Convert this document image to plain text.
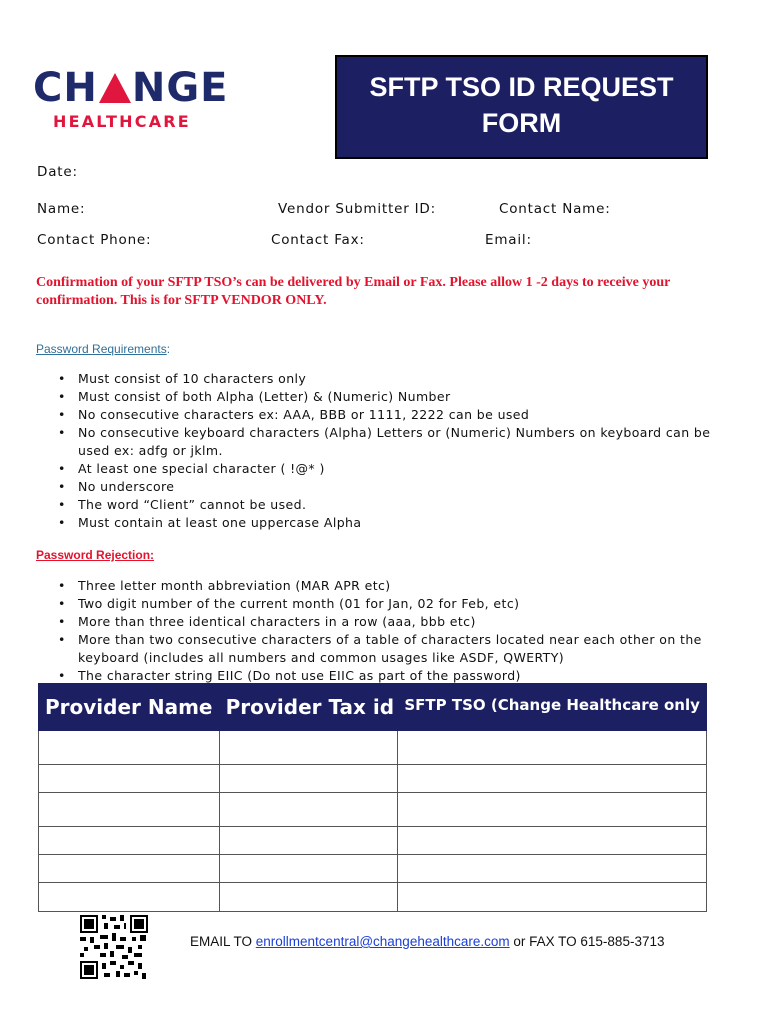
CH NGE
HEALTHCARE
SFTP TSO ID REQUEST
FORM
Date:
Name:	Vendor Submitter ID:	Contact Name:
Contact Phone:	Contact Fax:	Email:
Confirmation of your SFTP TSO’s can be delivered by Email or Fax. Please allow 1 -2 days to receive your confirmation. This is for SFTP VENDOR ONLY.
Password Requirements:
• Must consist of 10 characters only
• Must consist of both Alpha (Letter) & (Numeric) Number
• No consecutive characters ex: AAA, BBB or 1111, 2222 can be used
• No consecutive keyboard characters (Alpha) Letters or (Numeric) Numbers on keyboard can be used ex: adfg or jklm.
• At least one special character ( !@* )
• No underscore
• The word “Client” cannot be used.
• Must contain at least one uppercase Alpha
Password Rejection:
• Three letter month abbreviation (MAR APR etc)
• Two digit number of the current month (01 for Jan, 02 for Feb, etc)
• More than three identical characters in a row (aaa, bbb etc)
• More than two consecutive characters of a table of characters located near each other on the keyboard (includes all numbers and common usages like ASDF, QWERTY)
• The character string EIIC (Do not use EIIC as part of the password)
Provider Name	Provider Tax id	SFTP TSO (Change Healthcare only

EMAIL TO enrollmentcentral@changehealthcare.com or FAX TO 615-885-3713
